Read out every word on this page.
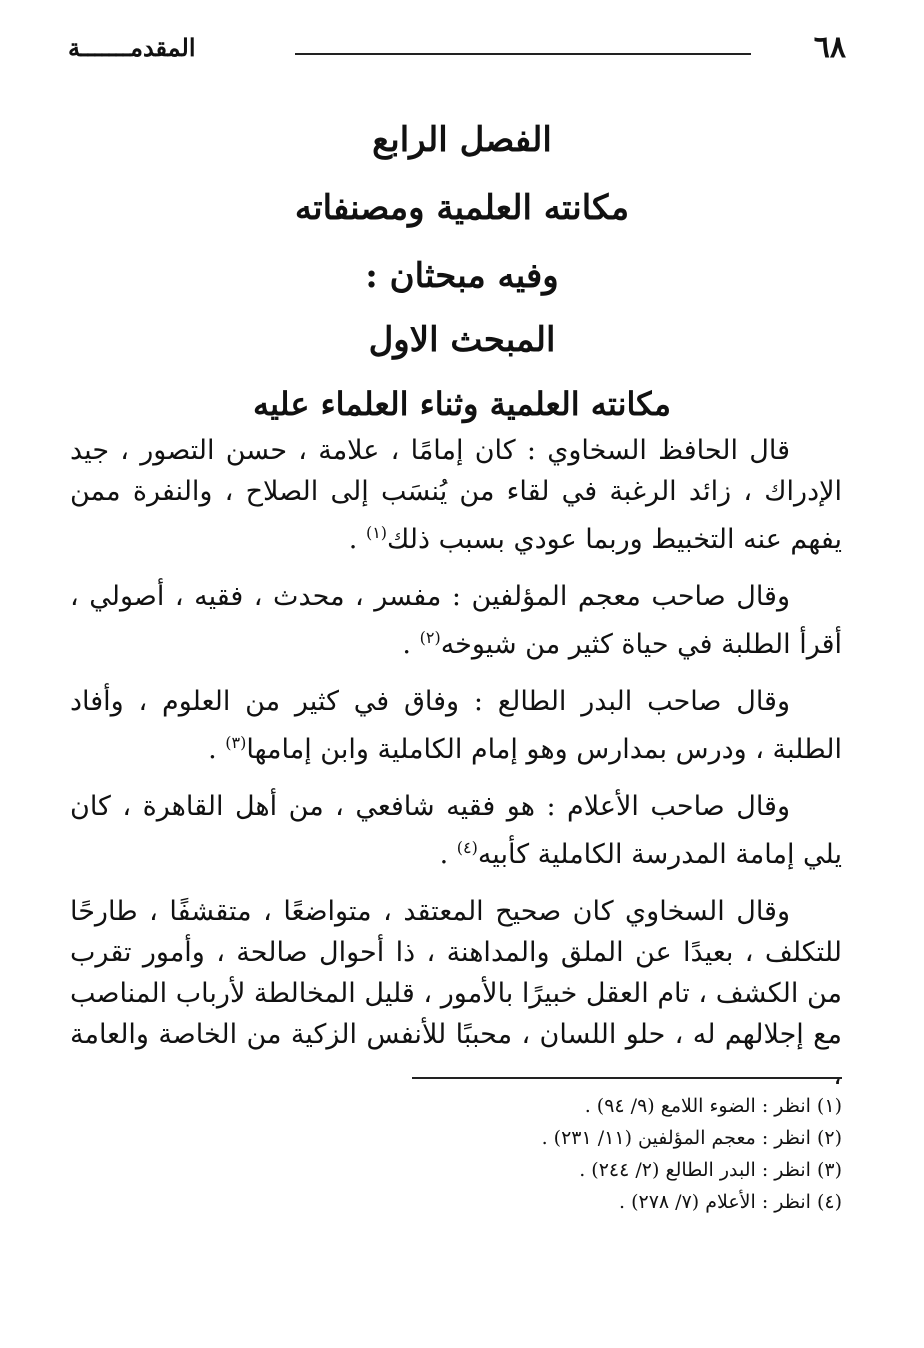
٦٨
المقدمـــــــة

الفصل الرابع

مكانته العلمية ومصنفاته

وفيه مبحثان :

المبحث الاول

مكانته العلمية وثناء العلماء عليه

قال الحافظ السخاوي : كان إمامًا ، علامة ، حسن التصور ، جيد الإدراك ، زائد الرغبة في لقاء من يُنسَب إلى الصلاح ، والنفرة ممن يفهم عنه التخبيط وربما عودي بسبب ذلك$^{(١)}$ .

وقال صاحب معجم المؤلفين : مفسر ، محدث ، فقيه ، أصولي ، أقرأ الطلبة في حياة كثير من شيوخه$^{(٢)}$ .

وقال صاحب البدر الطالع : وفاق في كثير من العلوم ، وأفاد الطلبة ، ودرس بمدارس وهو إمام الكاملية وابن إمامها$^{(٣)}$ .

وقال صاحب الأعلام : هو فقيه شافعي ، من أهل القاهرة ، كان يلي إمامة المدرسة الكاملية كأبيه$^{(٤)}$ .

وقال السخاوي كان صحيح المعتقد ، متواضعًا ، متقشفًا ، طارحًا للتكلف ، بعيدًا عن الملق والمداهنة ، ذا أحوال صالحة ، وأمور تقرب من الكشف ، تام العقل خبيرًا بالأمور ، قليل المخالطة لأرباب المناصب مع إجلالهم له ، حلو اللسان ، محببًا للأنفس الزكية من الخاصة والعامة ،

(١) انظر : الضوء اللامع (٩/ ٩٤) .

(٢) انظر : معجم المؤلفين (١١/ ٢٣١) .

(٣) انظر : البدر الطالع (٢/ ٢٤٤) .

(٤) انظر : الأعلام (٧/ ٢٧٨) .
